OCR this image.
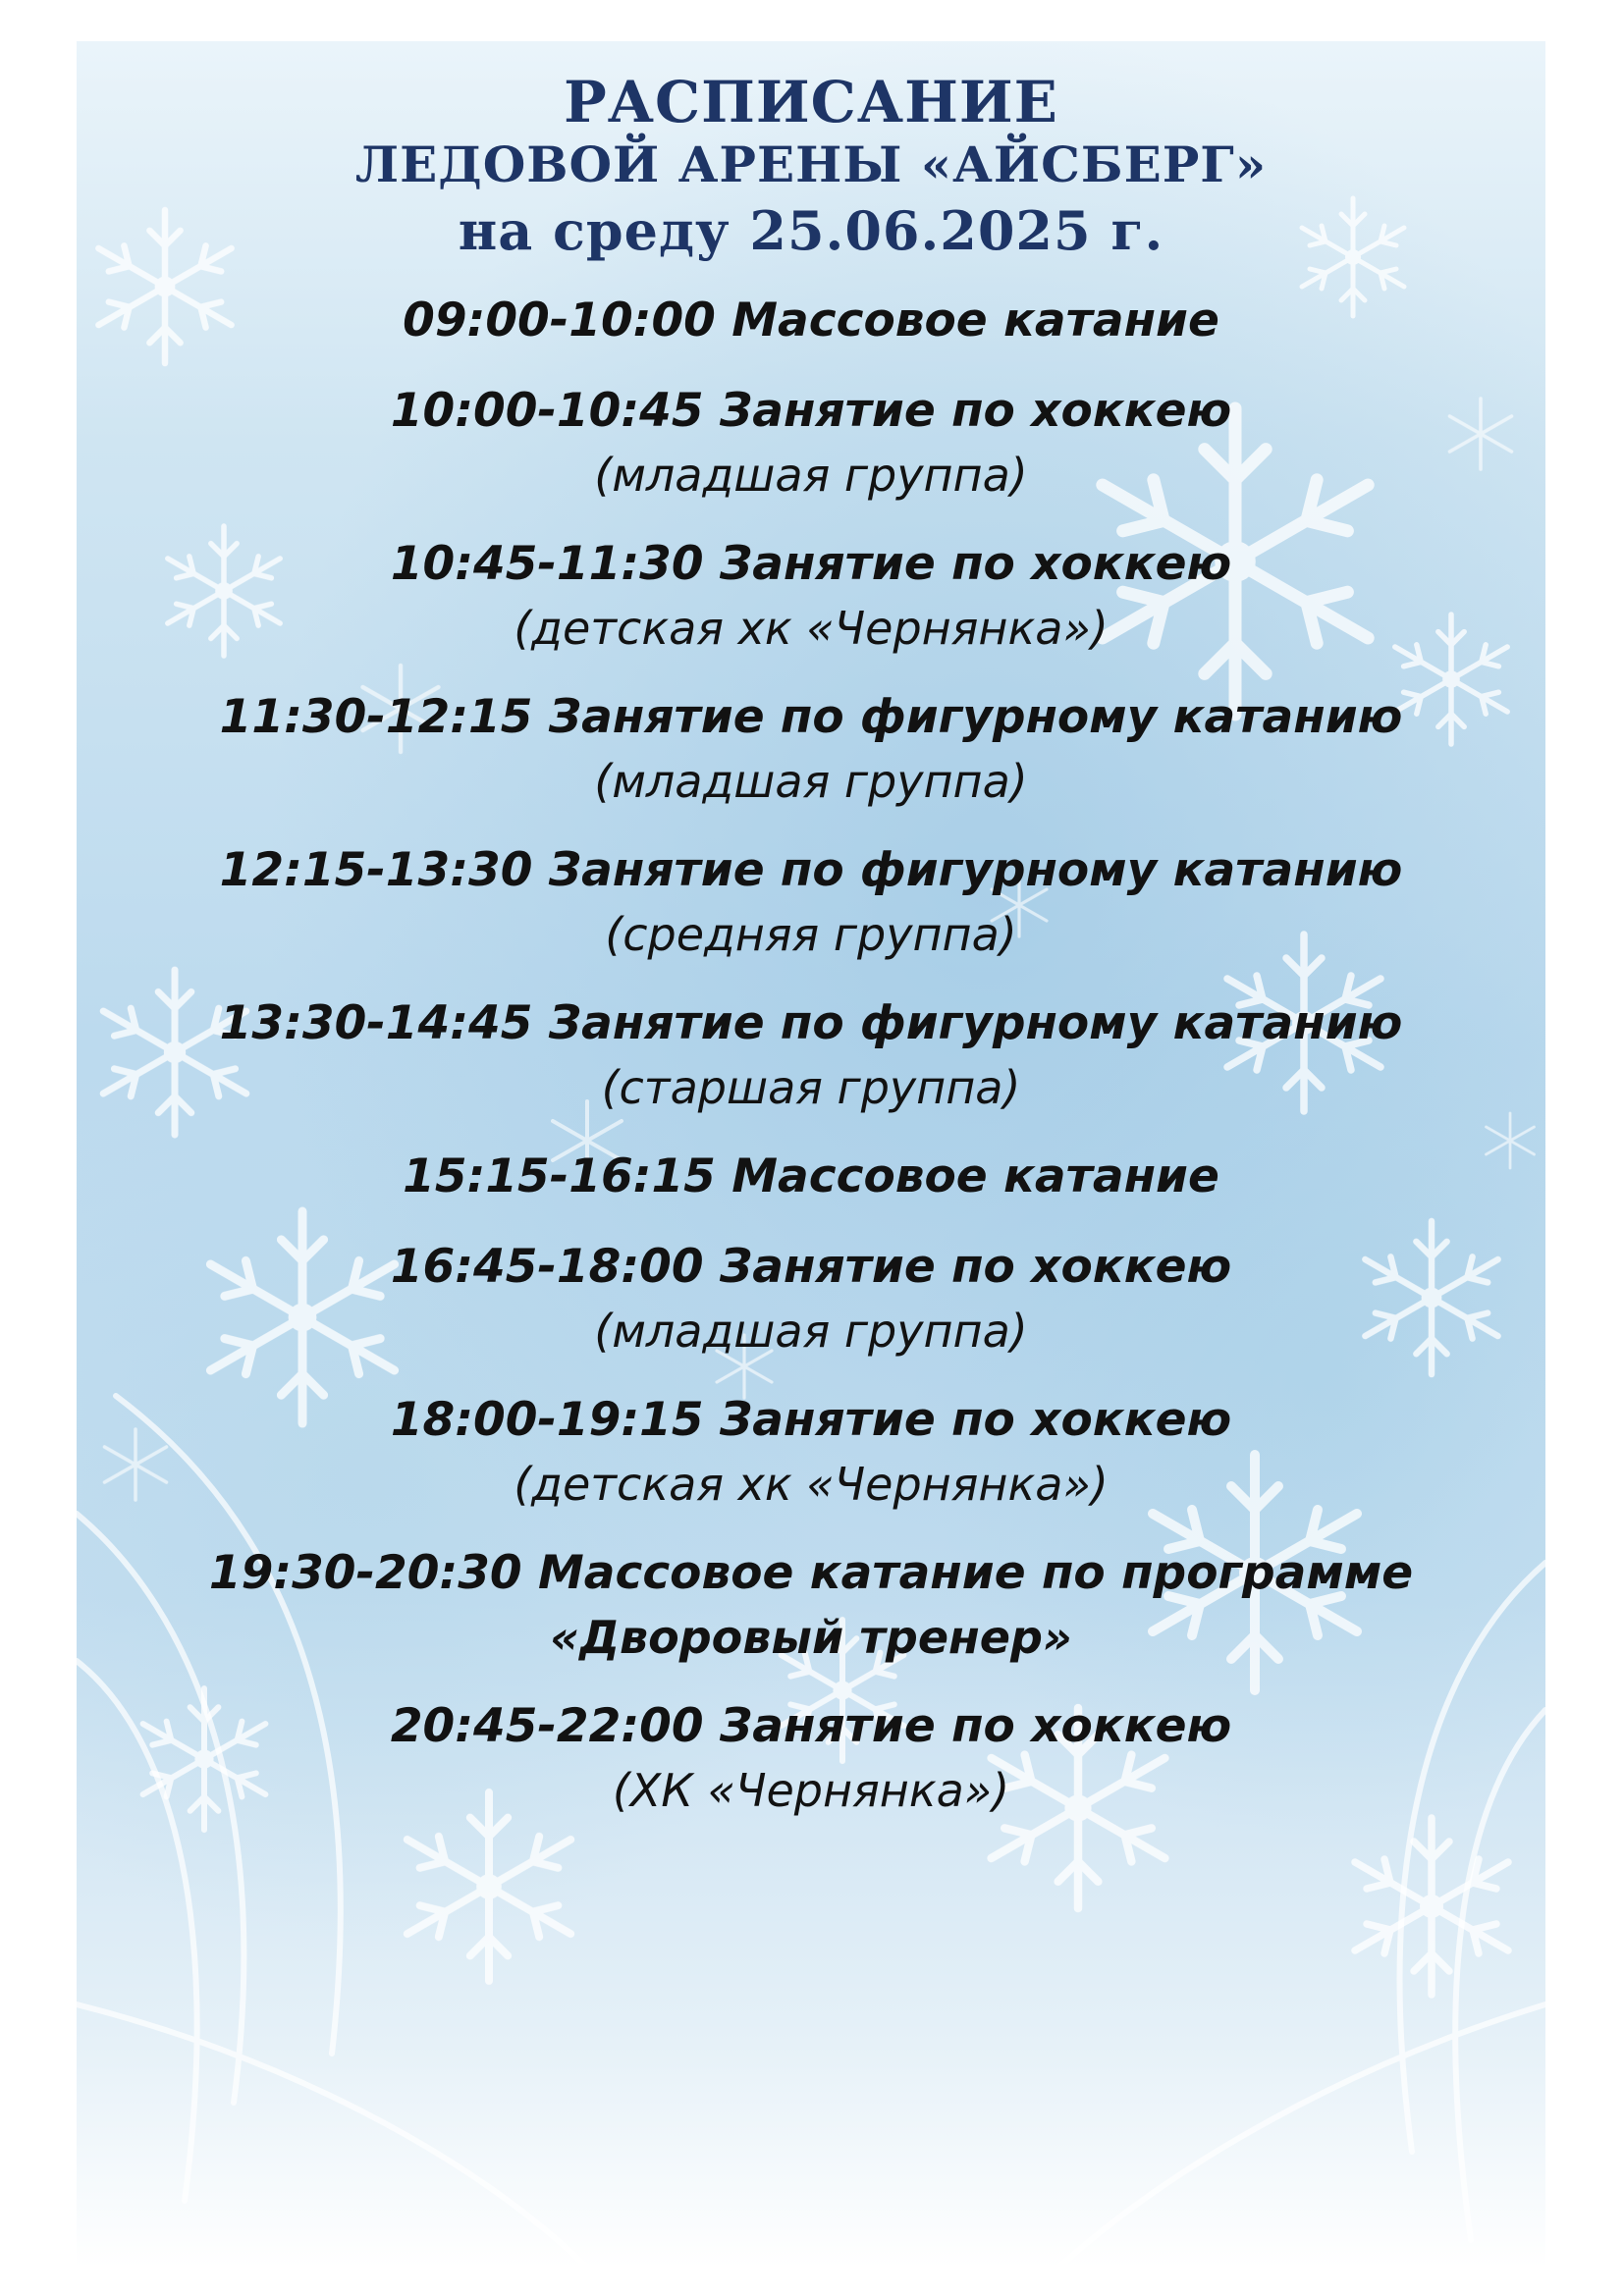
РАСПИСАНИЕ

ЛЕДОВОЙ АРЕНЫ «АЙСБЕРГ»

на среду 25.06.2025 г.

09:00-10:00 Массовое катание
10:00-10:45 Занятие по хоккею
(младшая группа)
10:45-11:30 Занятие по хоккею
(детская хк «Чернянка»)
11:30-12:15 Занятие по фигурному катанию
(младшая группа)
12:15-13:30 Занятие по фигурному катанию
(средняя группа)
13:30-14:45 Занятие по фигурному катанию
(старшая группа)
15:15-16:15 Массовое катание
16:45-18:00 Занятие по хоккею
(младшая группа)
18:00-19:15 Занятие по хоккею
(детская хк «Чернянка»)
19:30-20:30 Массовое катание по программе
«Дворовый тренер»
20:45-22:00 Занятие по хоккею
(ХК «Чернянка»)
